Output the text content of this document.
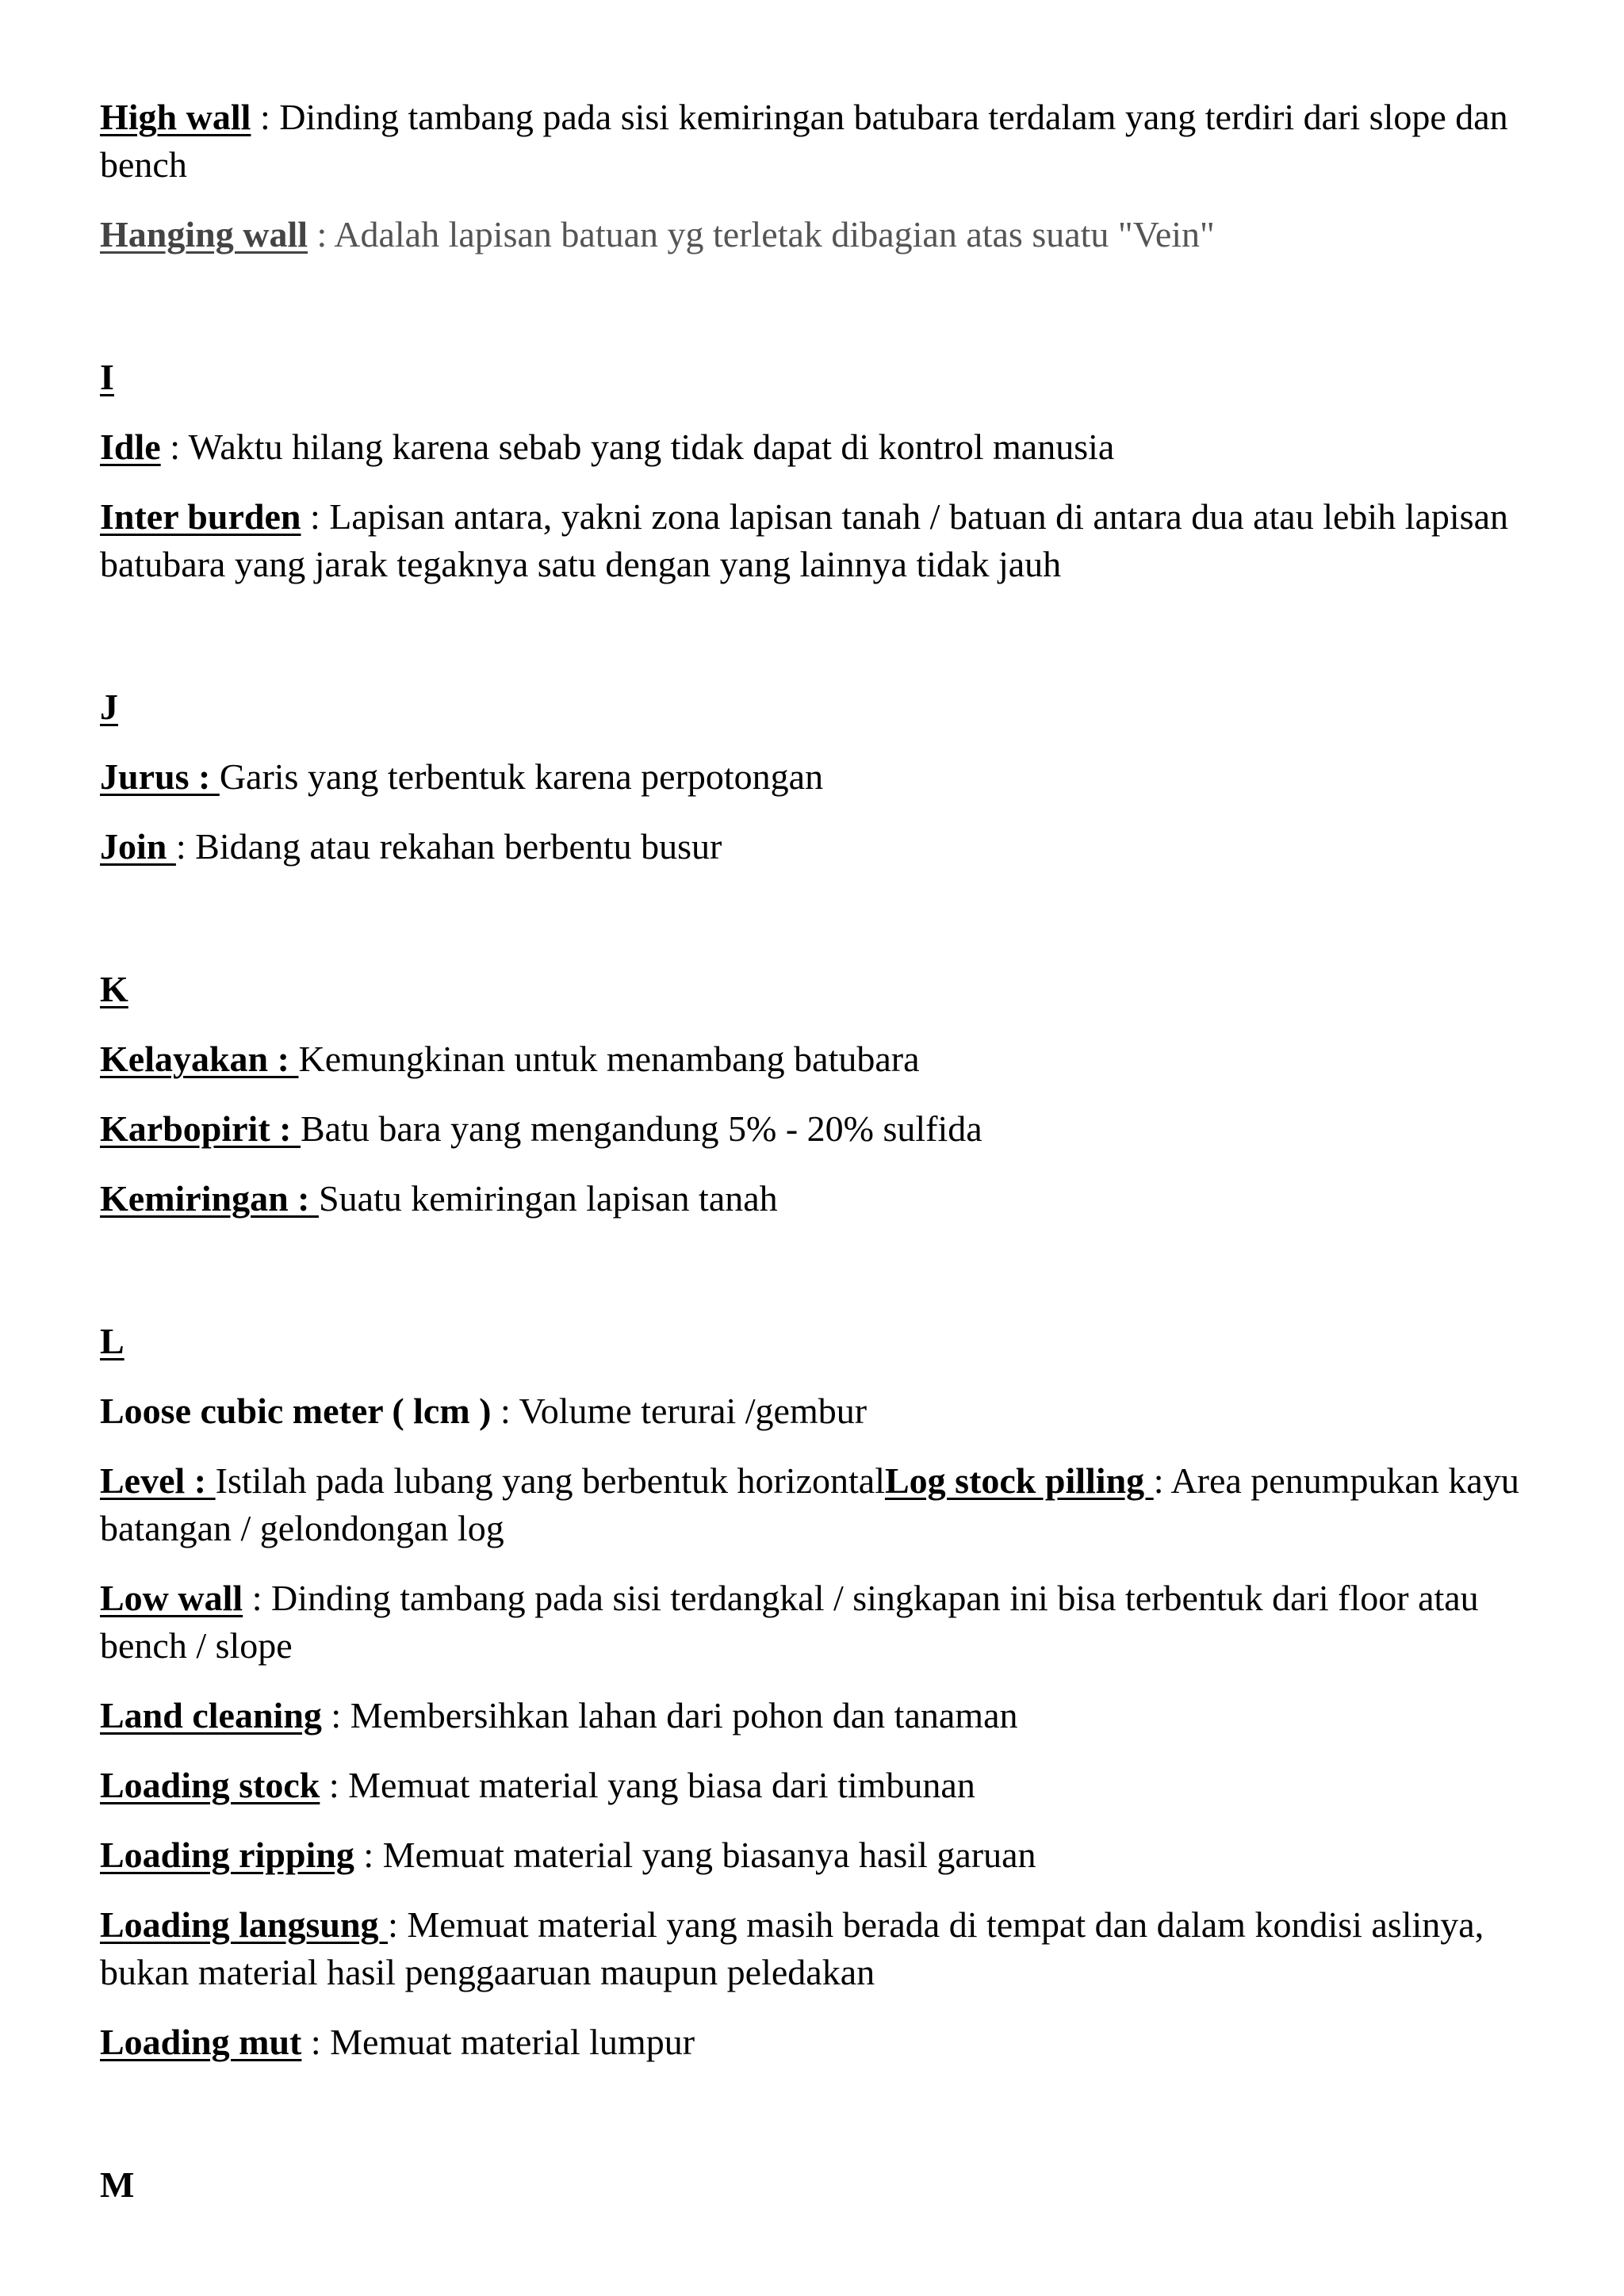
High wall : Dinding tambang pada sisi kemiringan batubara terdalam yang terdiri dari slope dan bench

Hanging wall : Adalah lapisan batuan yg terletak dibagian atas suatu "Vein"

I

Idle : Waktu hilang karena sebab yang tidak dapat di kontrol manusia

Inter burden : Lapisan antara, yakni zona lapisan tanah / batuan di antara dua atau lebih lapisan batubara yang jarak tegaknya satu dengan yang lainnya tidak jauh

J

Jurus : Garis yang terbentuk karena perpotongan

Join : Bidang atau rekahan berbentu busur

K

Kelayakan : Kemungkinan untuk menambang batubara

Karbopirit : Batu bara yang mengandung 5% - 20% sulfida

Kemiringan : Suatu kemiringan lapisan tanah

L

Loose cubic meter ( lcm ) : Volume terurai /gembur

Level : Istilah pada lubang yang berbentuk horizontalLog stock pilling : Area penumpukan kayu batangan / gelondongan log

Low wall : Dinding tambang pada sisi terdangkal / singkapan ini bisa terbentuk dari floor atau bench / slope

Land cleaning : Membersihkan lahan dari pohon dan tanaman

Loading stock : Memuat material yang biasa dari timbunan

Loading ripping : Memuat material yang biasanya hasil garuan

Loading langsung : Memuat material yang masih berada di tempat dan dalam kondisi aslinya, bukan material hasil penggaaruan maupun peledakan

Loading mut : Memuat material lumpur

M
